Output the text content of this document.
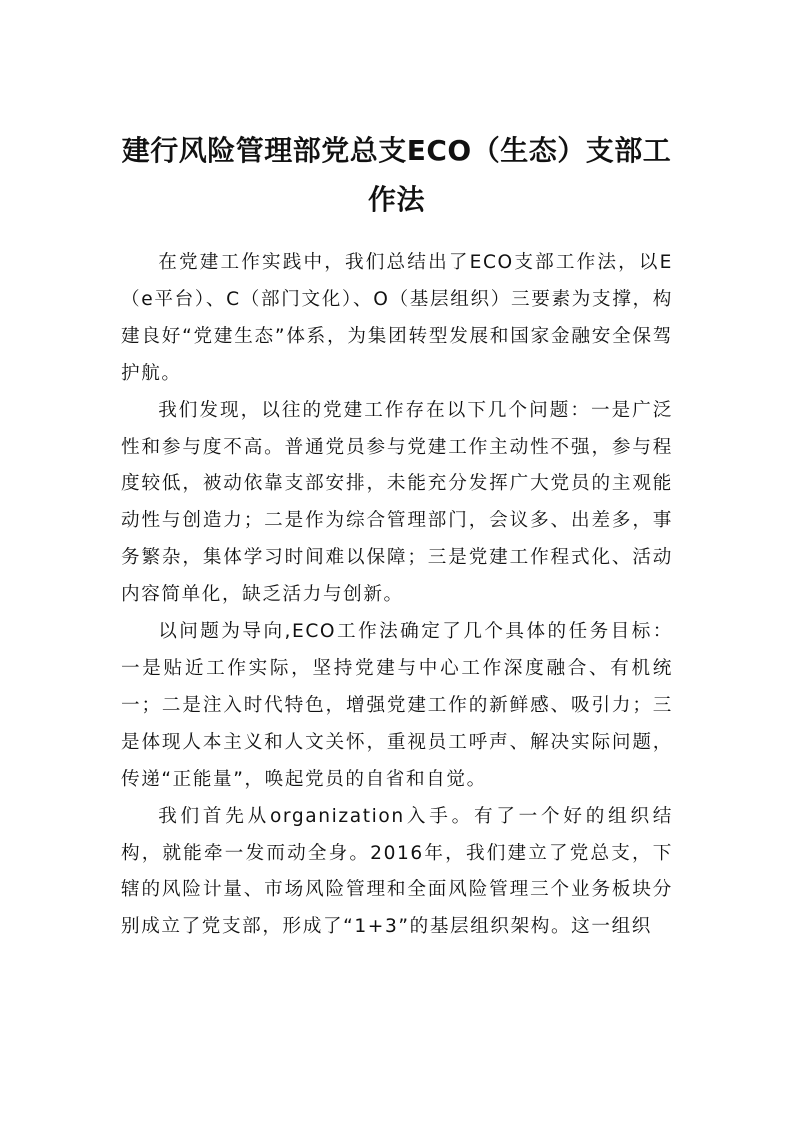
建行风险管理部党总支ECO（生态）支部工作法

在党建工作实践中，我们总结出了ECO支部工作法，以E（e平台）、C（部门文化）、O（基层组织）三要素为支撑，构建良好“党建生态”体系，为集团转型发展和国家金融安全保驾护航。

我们发现，以往的党建工作存在以下几个问题：一是广泛性和参与度不高。普通党员参与党建工作主动性不强，参与程度较低，被动依靠支部安排，未能充分发挥广大党员的主观能动性与创造力；二是作为综合管理部门，会议多、出差多，事务繁杂，集体学习时间难以保障；三是党建工作程式化、活动内容简单化，缺乏活力与创新。

以问题为导向,ECO工作法确定了几个具体的任务目标：一是贴近工作实际，坚持党建与中心工作深度融合、有机统一；二是注入时代特色，增强党建工作的新鲜感、吸引力；三是体现人本主义和人文关怀，重视员工呼声、解决实际问题，传递“正能量”，唤起党员的自省和自觉。

我们首先从organization入手。有了一个好的组织结构，就能牵一发而动全身。2016年，我们建立了党总支，下辖的风险计量、市场风险管理和全面风险管理三个业务板块分别成立了党支部，形成了“1+3”的基层组织架构。这一组织
